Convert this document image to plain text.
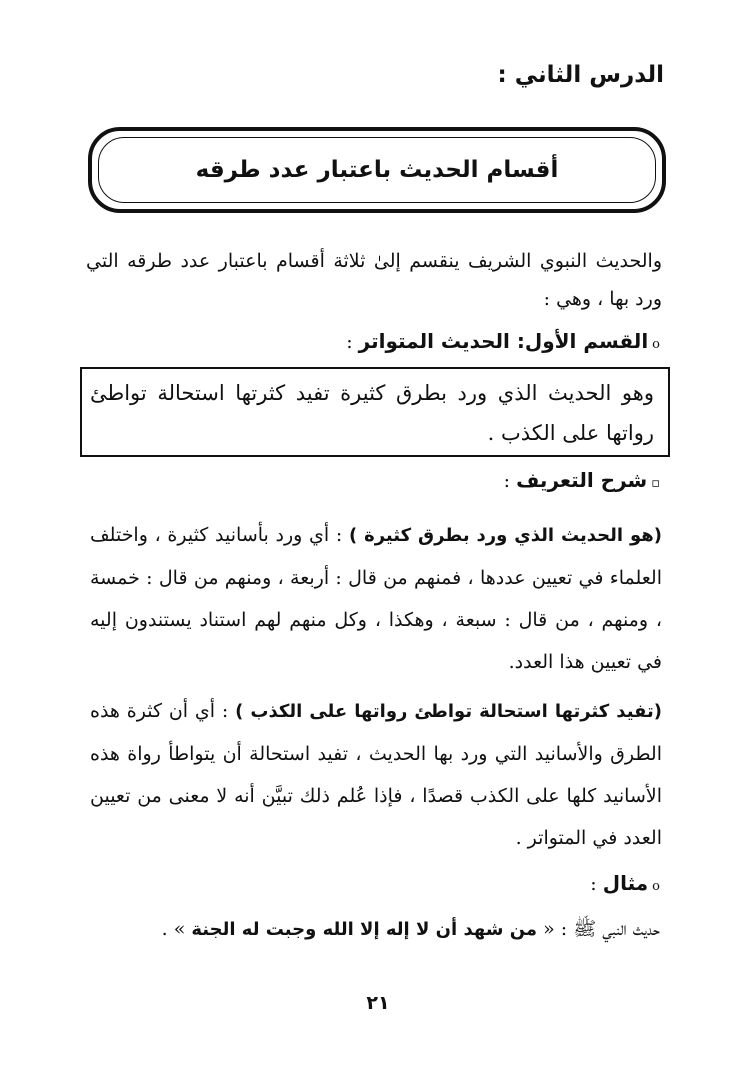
الدرس الثاني :
أقسام الحديث باعتبار عدد طرقه
والحديث النبوي الشريف ينقسم إلىٰ ثلاثة أقسام باعتبار عدد طرقه التي ورد بها ، وهي :
oالقسم الأول: الحديث المتواتر :
وهو الحديث الذي ورد بطرق كثيرة تفيد كثرتها استحالة تواطئ رواتها على الكذب .
▫شرح التعريف :
(هو الحديث الذي ورد بطرق كثيرة ) : أي ورد بأسانيد كثيرة ، واختلف العلماء في تعيين عددها ، فمنهم من قال : أربعة ، ومنهم من قال : خمسة ، ومنهم ، من قال : سبعة ، وهكذا ، وكل منهم لهم استناد يستندون إليه في تعيين هذا العدد.
(تفيد كثرتها استحالة تواطئ رواتها على الكذب ) : أي أن كثرة هذه الطرق والأسانيد التي ورد بها الحديث ، تفيد استحالة أن يتواطأ رواة هذه الأسانيد كلها على الكذب قصدًا ، فإذا عُلم ذلك تبيَّن أنه لا معنى من تعيين العدد في المتواتر .
oمثال :
حديث النبي ﷺ : « من شهد أن لا إله إلا الله وجبت له الجنة » .
٢١
